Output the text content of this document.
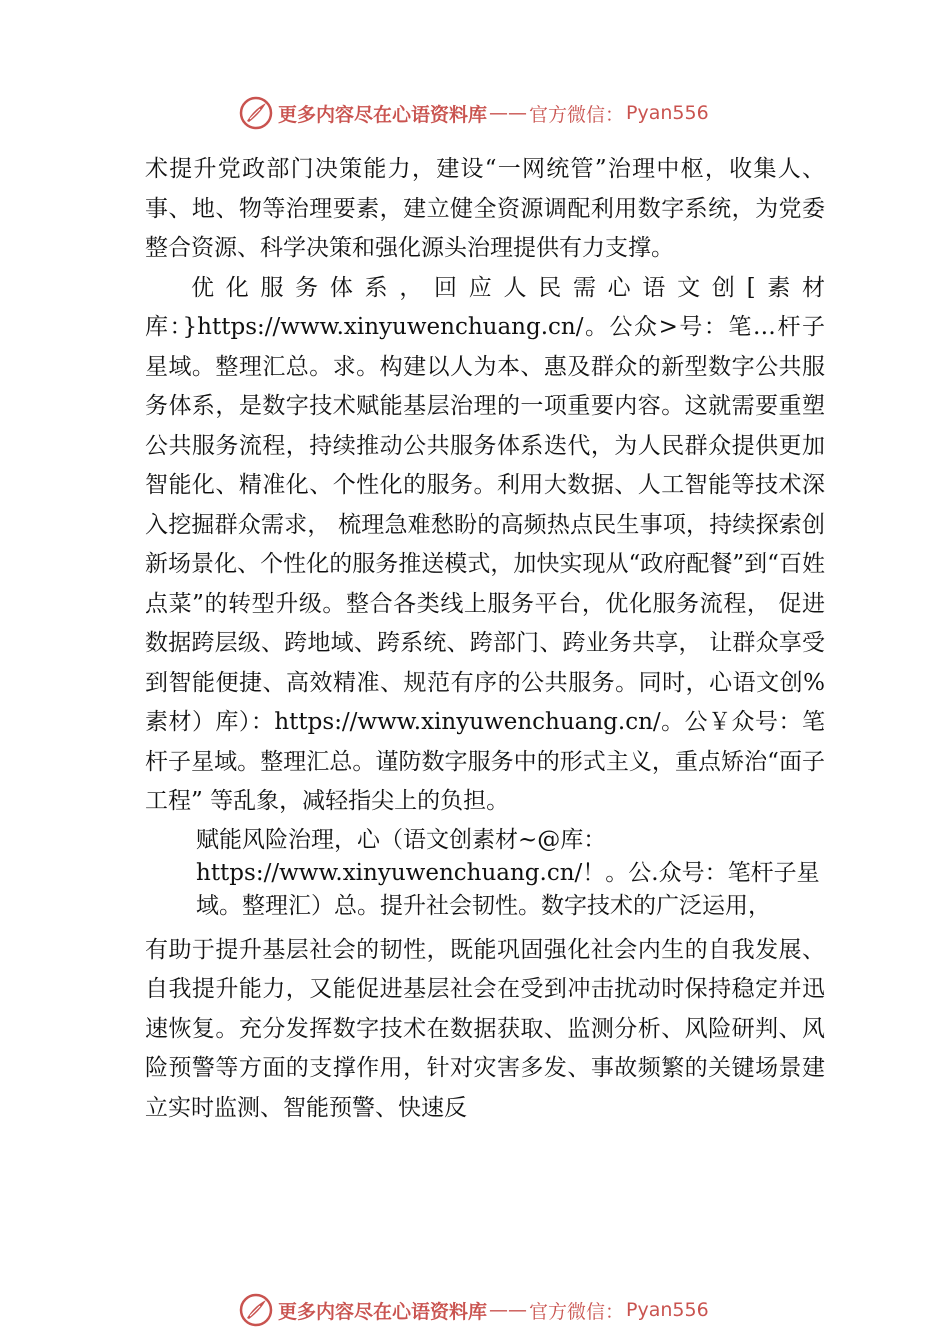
更多内容尽在心语资料库 —— 官方微信： Pyan556

术提升党政部门决策能力，建设“一网统管”治理中枢，收集人、事、地、物等治理要素，建立健全资源调配利用数字系统，为党委整合资源、科学决策和强化源头治理提供有力支撑。

优化服务体系，回应人民需心语文创[素材库：}https://www.xinyuwenchuang.cn/。公众>号：笔…杆子星域。整理汇总。求。构建以人为本、惠及群众的新型数字公共服务体系，是数字技术赋能基层治理的一项重要内容。这就需要重塑公共服务流程，持续推动公共服务体系迭代，为人民群众提供更加智能化、精准化、个性化的服务。利用大数据、人工智能等技术深入挖掘群众需求， 梳理急难愁盼的高频热点民生事项，持续探索创新场景化、个性化的服务推送模式，加快实现从“政府配餐”到“百姓点菜”的转型升级。整合各类线上服务平台，优化服务流程， 促进数据跨层级、跨地域、跨系统、跨部门、跨业务共享， 让群众享受到智能便捷、高效精准、规范有序的公共服务。同时，心语文创%素材）库）：https://www.xinyuwenchuang.cn/。公￥众号：笔杆子星域。整理汇总。谨防数字服务中的形式主义，重点矫治“面子工程” 等乱象，减轻指尖上的负担。

赋能风险治理，心（语文创素材~@库：https://www.xinyuwenchuang.cn/！。公.众号：笔杆子星域。整理汇）总。提升社会韧性。数字技术的广泛运用，

有助于提升基层社会的韧性，既能巩固强化社会内生的自我发展、自我提升能力，又能促进基层社会在受到冲击扰动时保持稳定并迅速恢复。充分发挥数字技术在数据获取、监测分析、风险研判、风险预警等方面的支撑作用，针对灾害多发、事故频繁的关键场景建立实时监测、智能预警、快速反

更多内容尽在心语资料库 —— 官方微信： Pyan556
